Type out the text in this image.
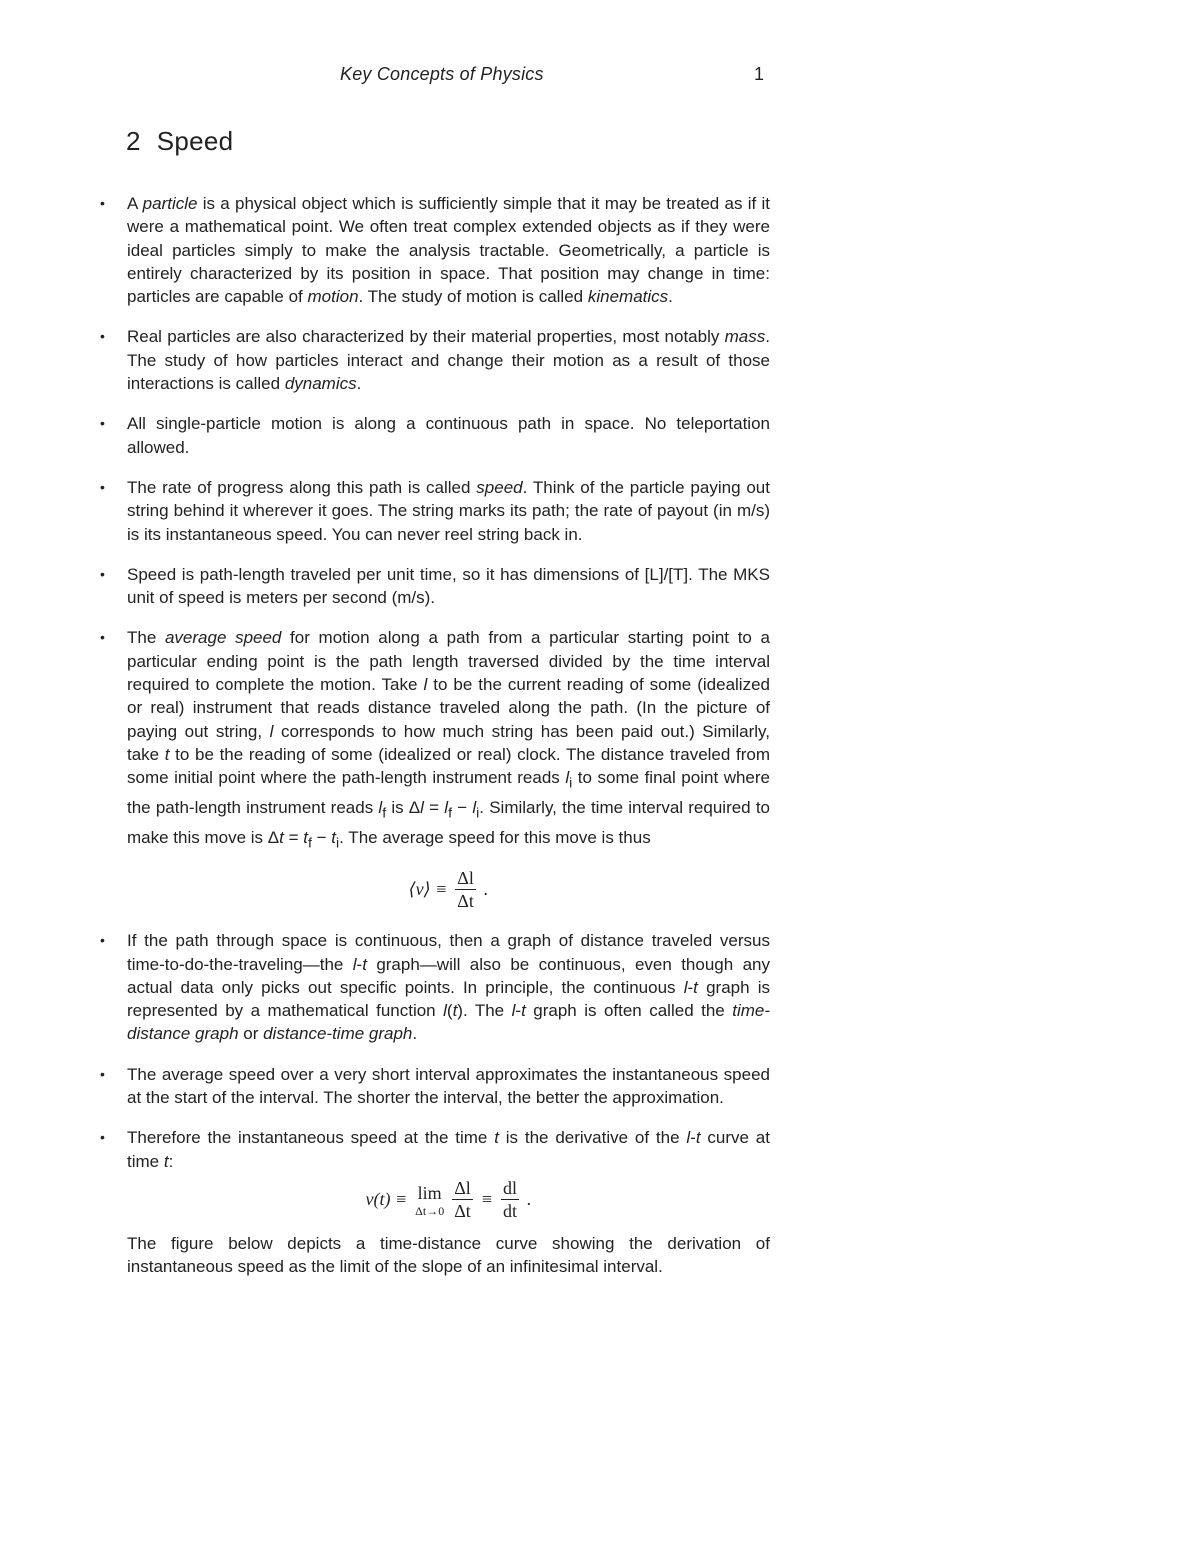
Key Concepts of Physics	1
2 Speed
• A particle is a physical object which is sufficiently simple that it may be treated as if it were a mathematical point. We often treat complex extended objects as if they were ideal particles simply to make the analysis tractable. Geometrically, a particle is entirely characterized by its position in space. That position may change in time: particles are capable of motion. The study of motion is called kinematics.

• Real particles are also characterized by their material properties, most notably mass. The study of how particles interact and change their motion as a result of those interactions is called dynamics.

• All single-particle motion is along a continuous path in space. No teleportation allowed.

• The rate of progress along this path is called speed. Think of the particle paying out string behind it wherever it goes. The string marks its path; the rate of payout (in m/s) is its instantaneous speed. You can never reel string back in.

• Speed is path-length traveled per unit time, so it has dimensions of [L]/[T]. The MKS unit of speed is meters per second (m/s).

• The average speed for motion along a path from a particular starting point to a particular ending point is the path length traversed divided by the time interval required to complete the motion. Take l to be the current reading of some (idealized or real) instrument that reads distance traveled along the path. (In the picture of paying out string, l corresponds to how much string has been paid out.) Similarly, take t to be the reading of some (idealized or real) clock. The distance traveled from some initial point where the path-length instrument reads $l_i$ to some final point where the path-length instrument reads $l_f$ is $\Delta l = l_f - l_i$. Similarly, the time interval required to make this move is $\Delta t = t_f - t_i$. The average speed for this move is thus

⟨v⟩ ≡ $\frac{\Delta l}{\Delta t}$ .
• If the path through space is continuous, then a graph of distance traveled versus time-to-do-the-traveling—the l-t graph—will also be continuous, even though any actual data only picks out specific points. In principle, the continuous l-t graph is represented by a mathematical function l(t). The l-t graph is often called the time-distance graph or distance-time graph.

• The average speed over a very short interval approximates the instantaneous speed at the start of the interval. The shorter the interval, the better the approximation.

• Therefore the instantaneous speed at the time t is the derivative of the l-t curve at time t:

v(t) ≡ lim
$\Delta t\to 0 \frac{\Delta l}{\Delta t} \equiv \frac{dl}{dt}$ .

The figure below depicts a time-distance curve showing the derivation of instantaneous speed as the limit of the slope of an infinitesimal interval.
